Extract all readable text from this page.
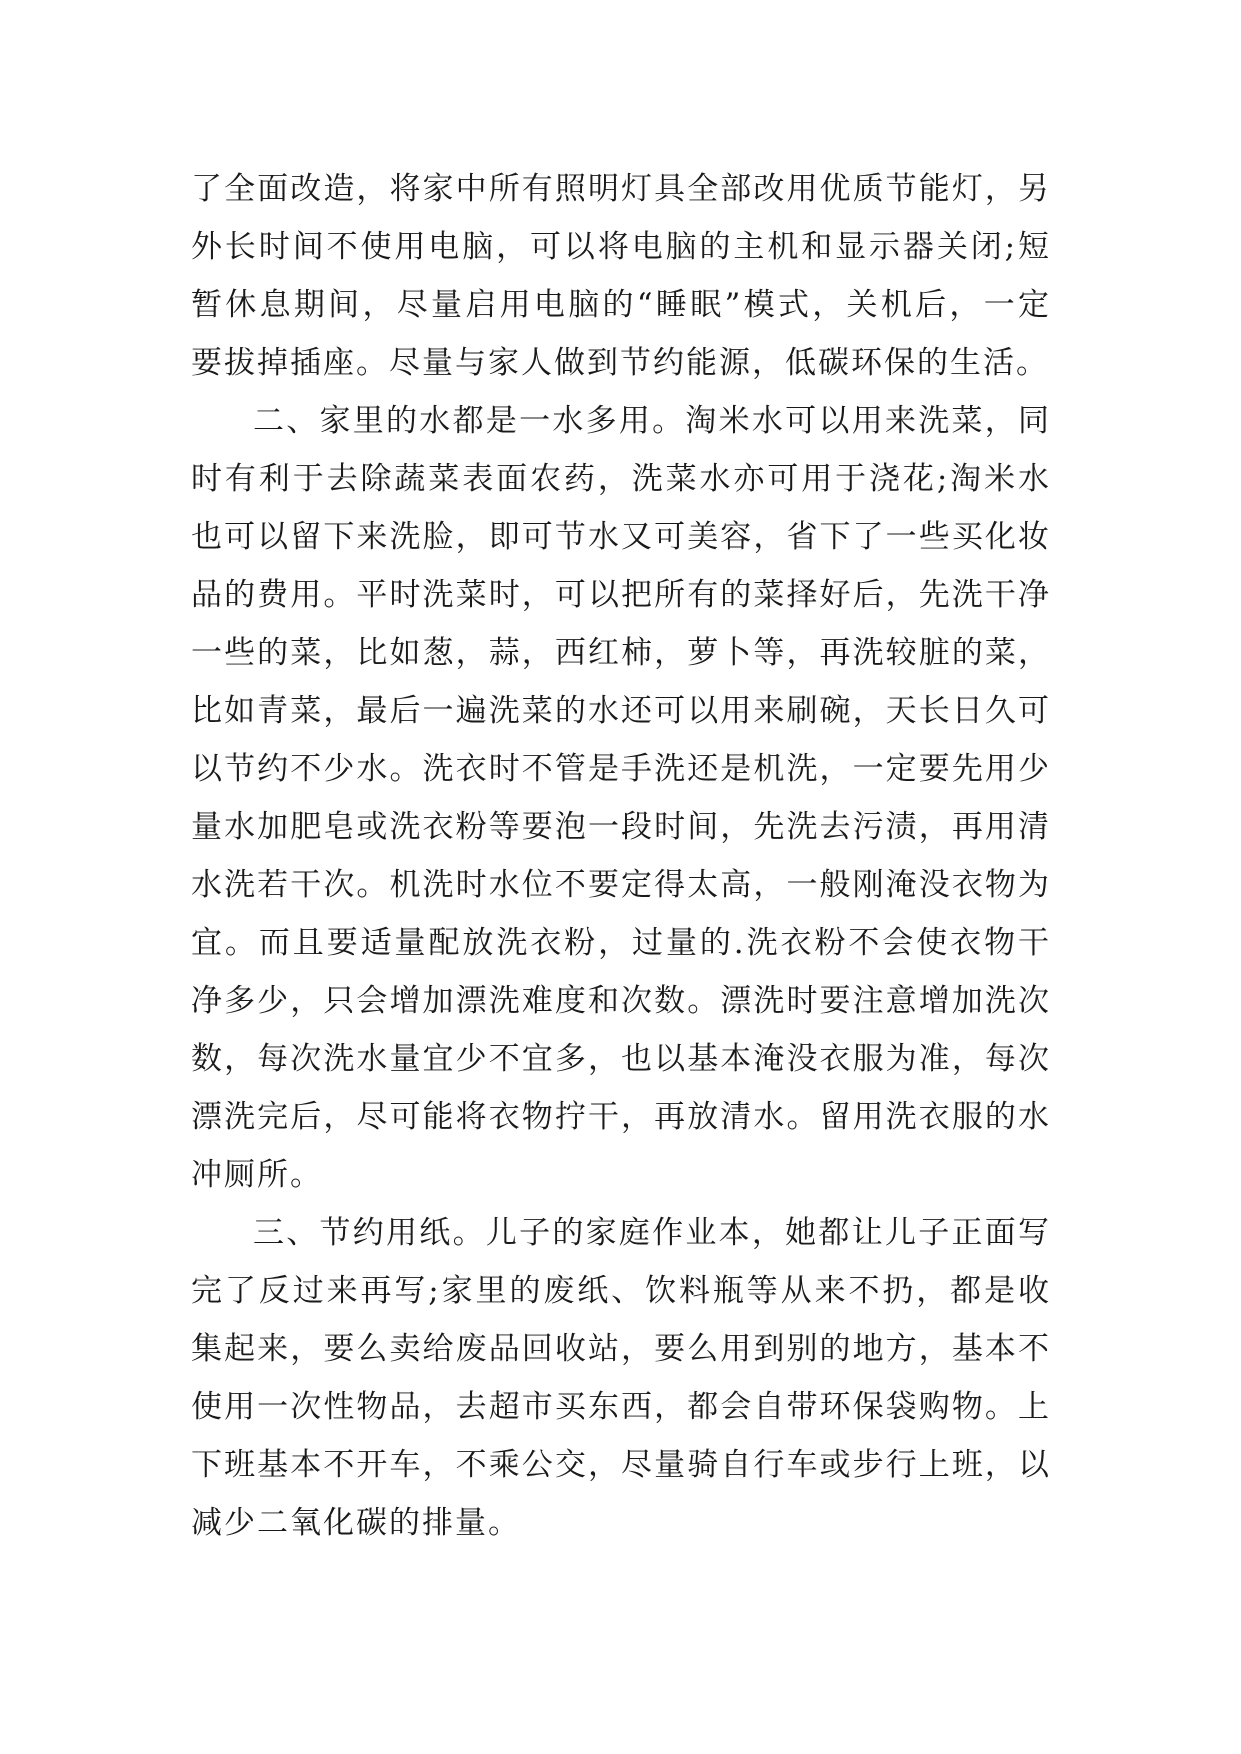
了全面改造，将家中所有照明灯具全部改用优质节能灯，另
外长时间不使用电脑，可以将电脑的主机和显示器关闭;短
暂休息期间，尽量启用电脑的“睡眠”模式，关机后，一定
要拔掉插座。尽量与家人做到节约能源，低碳环保的生活。
二、家里的水都是一水多用。淘米水可以用来洗菜，同
时有利于去除蔬菜表面农药，洗菜水亦可用于浇花;淘米水
也可以留下来洗脸，即可节水又可美容，省下了一些买化妆
品的费用。平时洗菜时，可以把所有的菜择好后，先洗干净
一些的菜，比如葱，蒜，西红柿，萝卜等，再洗较脏的菜，
比如青菜，最后一遍洗菜的水还可以用来刷碗，天长日久可
以节约不少水。洗衣时不管是手洗还是机洗，一定要先用少
量水加肥皂或洗衣粉等要泡一段时间，先洗去污渍，再用清
水洗若干次。机洗时水位不要定得太高，一般刚淹没衣物为
宜。而且要适量配放洗衣粉，过量的.洗衣粉不会使衣物干
净多少，只会增加漂洗难度和次数。漂洗时要注意增加洗次
数，每次洗水量宜少不宜多，也以基本淹没衣服为准，每次
漂洗完后，尽可能将衣物拧干，再放清水。留用洗衣服的水
冲厕所。
三、节约用纸。儿子的家庭作业本，她都让儿子正面写
完了反过来再写;家里的废纸、饮料瓶等从来不扔，都是收
集起来，要么卖给废品回收站，要么用到别的地方，基本不
使用一次性物品，去超市买东西，都会自带环保袋购物。上
下班基本不开车，不乘公交，尽量骑自行车或步行上班，以
减少二氧化碳的排量。
